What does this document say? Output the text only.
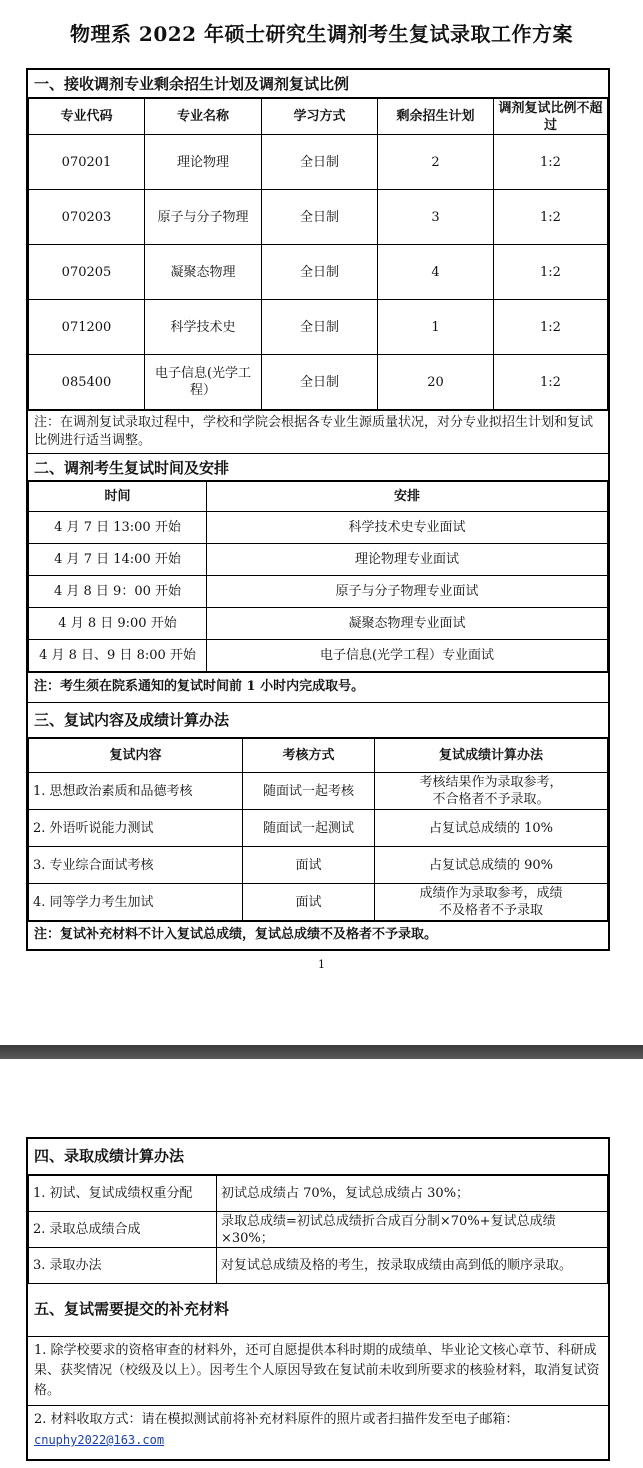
物理系 2022 年硕士研究生调剂考生复试录取工作方案
一、接收调剂专业剩余招生计划及调剂复试比例
专业代码	专业名称	学习方式	剩余招生计划	调剂复试比例不超过
070201	理论物理	全日制	2	1:2
070203	原子与分子物理	全日制	3	1:2
070205	凝聚态物理	全日制	4	1:2
071200	科学技术史	全日制	1	1:2
085400	电子信息(光学工程）	全日制	20	1:2
注：在调剂复试录取过程中，学校和学院会根据各专业生源质量状况，对分专业拟招生计划和复试比例进行适当调整。
二、调剂考生复试时间及安排
时间	安排
4 月 7 日 13:00 开始	科学技术史专业面试
4 月 7 日 14:00 开始	理论物理专业面试
4 月 8 日 9：00 开始	原子与分子物理专业面试
4 月 8 日 9:00 开始	凝聚态物理专业面试
4 月 8 日、9 日 8:00 开始	电子信息(光学工程）专业面试
注：考生须在院系通知的复试时间前 1 小时内完成取号。
三、复试内容及成绩计算办法
复试内容	考核方式	复试成绩计算办法
1. 思想政治素质和品德考核	随面试一起考核	考核结果作为录取参考，不合格者不予录取。
2. 外语听说能力测试	随面试一起测试	占复试总成绩的 10%
3. 专业综合面试考核	面试	占复试总成绩的 90%
4. 同等学力考生加试	面试	成绩作为录取参考，成绩不及格者不予录取
注：复试补充材料不计入复试总成绩，复试总成绩不及格者不予录取。
1
四、录取成绩计算办法
1. 初试、复试成绩权重分配	初试总成绩占 70%，复试总成绩占 30%；
2. 录取总成绩合成	录取总成绩=初试总成绩折合成百分制×70%+复试总成绩×30%；
3. 录取办法	对复试总成绩及格的考生，按录取成绩由高到低的顺序录取。
五、复试需要提交的补充材料
1. 除学校要求的资格审查的材料外，还可自愿提供本科时期的成绩单、毕业论文核心章节、科研成果、获奖情况（校级及以上）。因考生个人原因导致在复试前未收到所要求的核验材料，取消复试资格。
2. 材料收取方式：请在模拟测试前将补充材料原件的照片或者扫描件发至电子邮箱：
cnuphy2022@163.com
